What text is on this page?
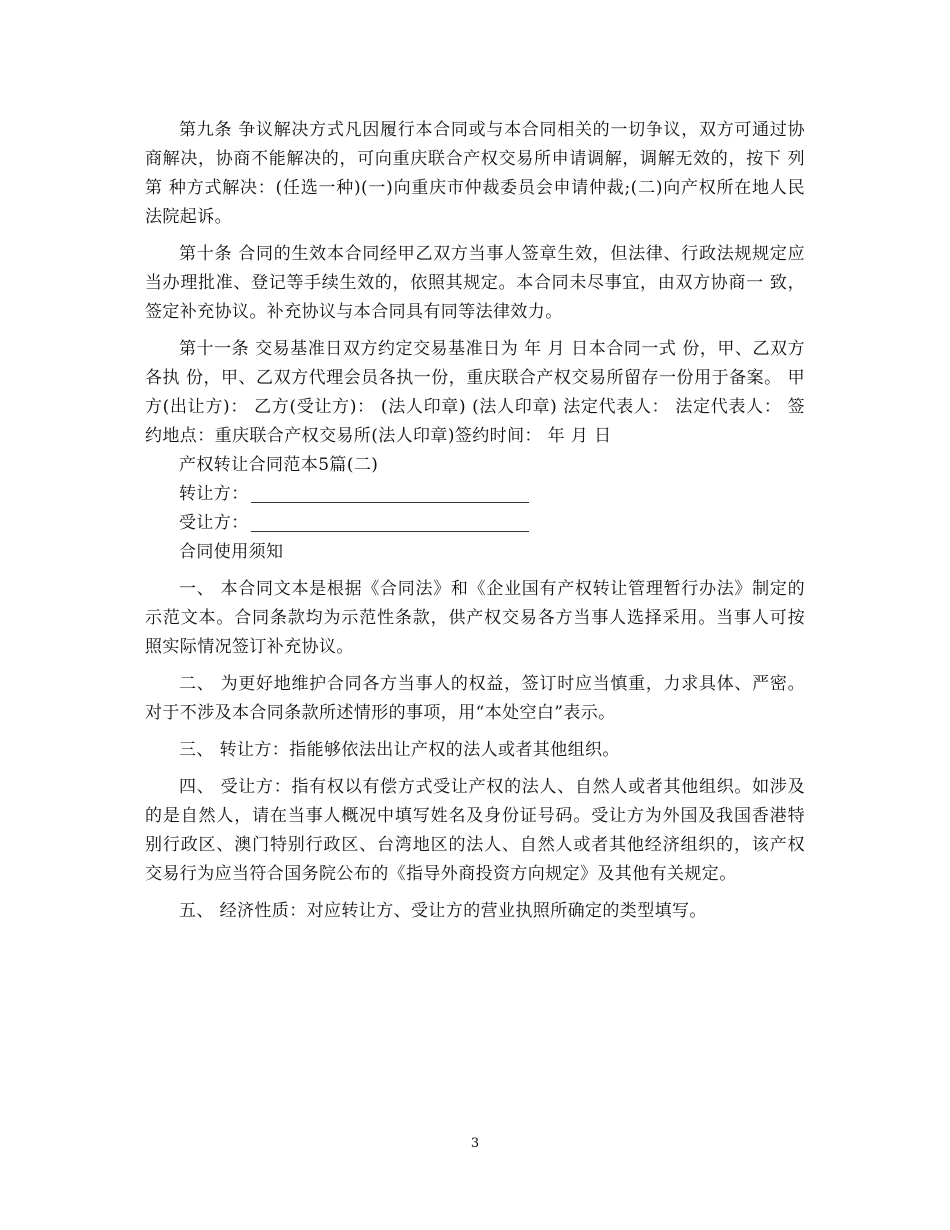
第九条 争议解决方式凡因履行本合同或与本合同相关的一切争议，双方可通过协商解决，协商不能解决的，可向重庆联合产权交易所申请调解，调解无效的，按下 列第 种方式解决：(任选一种)(一)向重庆市仲裁委员会申请仲裁;(二)向产权所在地人民法院起诉。

第十条 合同的生效本合同经甲乙双方当事人签章生效，但法律、行政法规规定应当办理批准、登记等手续生效的，依照其规定。本合同未尽事宜，由双方协商一 致，签定补充协议。补充协议与本合同具有同等法律效力。

第十一条 交易基准日双方约定交易基准日为 年 月 日本合同一式 份，甲、乙双方各执 份，甲、乙双方代理会员各执一份，重庆联合产权交易所留存一份用于备案。 甲方(出让方)： 乙方(受让方)： (法人印章) (法人印章) 法定代表人： 法定代表人： 签约地点：重庆联合产权交易所(法人印章)签约时间： 年 月 日

产权转让合同范本5篇(二)

转让方：

受让方：

合同使用须知

一、 本合同文本是根据《合同法》和《企业国有产权转让管理暂行办法》制定的示范文本。合同条款均为示范性条款，供产权交易各方当事人选择采用。当事人可按照实际情况签订补充协议。

二、 为更好地维护合同各方当事人的权益，签订时应当慎重，力求具体、严密。对于不涉及本合同条款所述情形的事项，用“本处空白”表示。

三、 转让方：指能够依法出让产权的法人或者其他组织。

四、 受让方：指有权以有偿方式受让产权的法人、自然人或者其他组织。如涉及的是自然人，请在当事人概况中填写姓名及身份证号码。受让方为外国及我国香港特别行政区、澳门特别行政区、台湾地区的法人、自然人或者其他经济组织的，该产权交易行为应当符合国务院公布的《指导外商投资方向规定》及其他有关规定。

五、 经济性质：对应转让方、受让方的营业执照所确定的类型填写。

3
